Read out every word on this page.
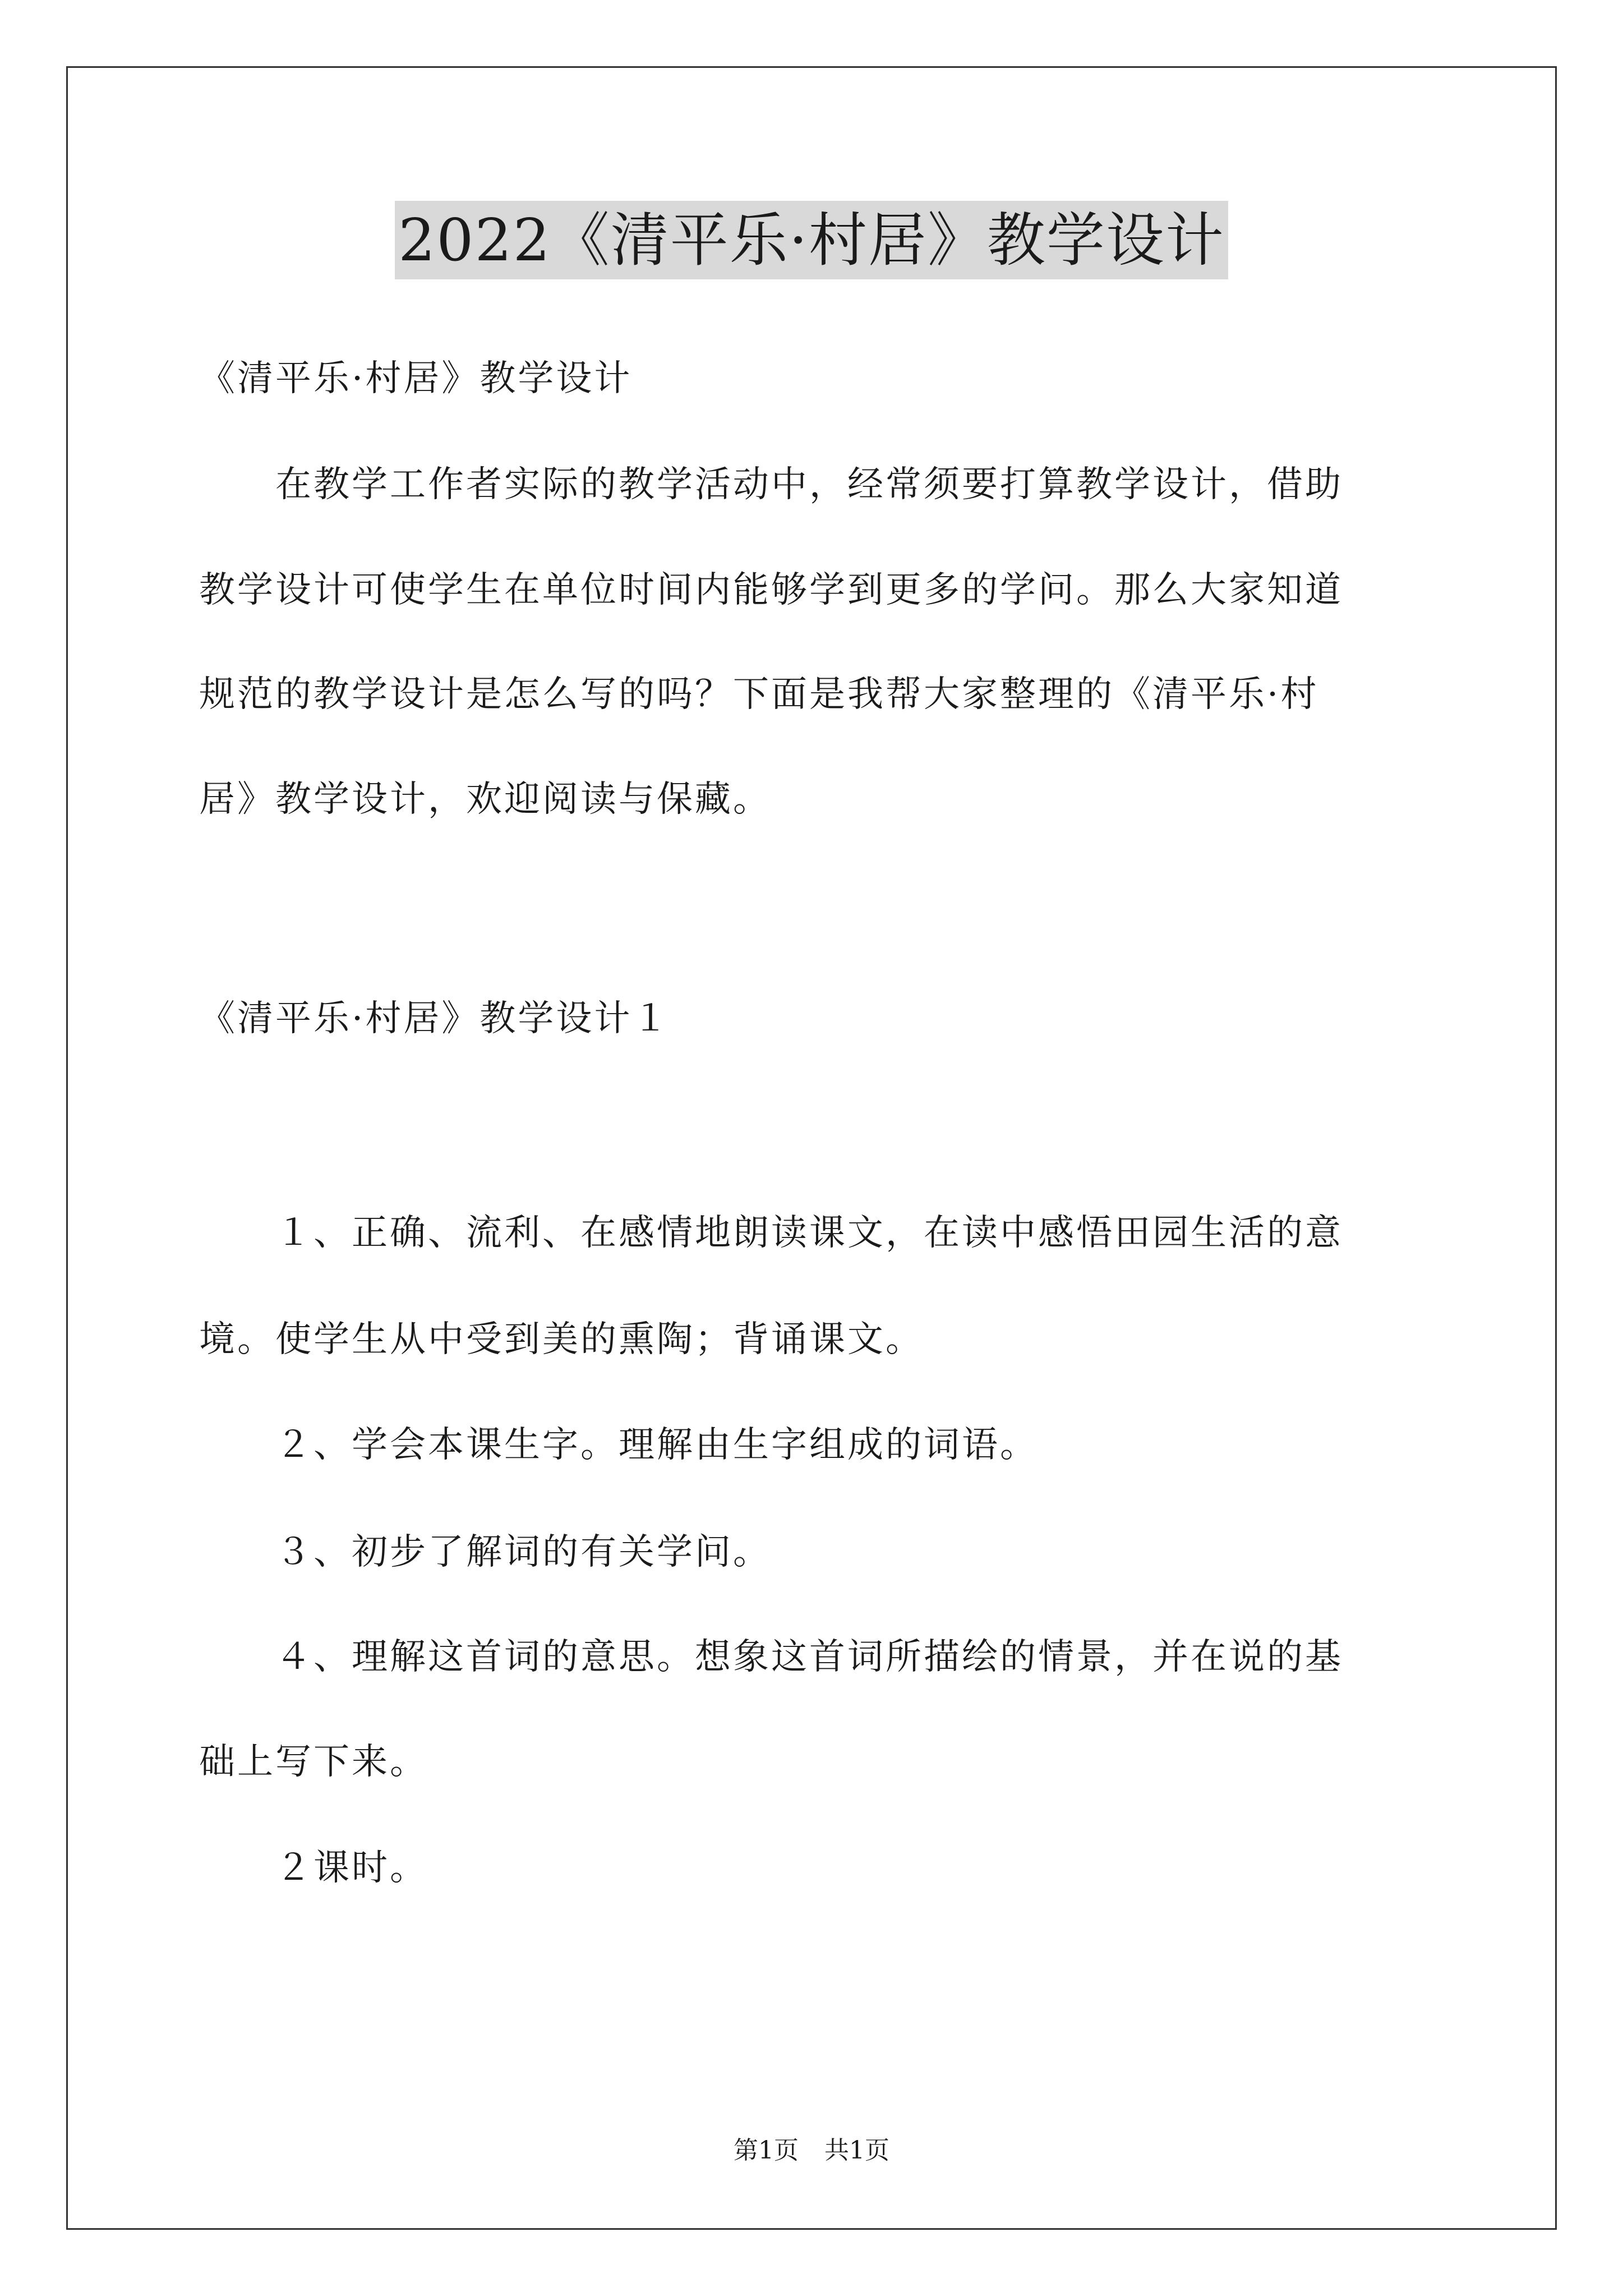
2022《清平乐·村居》教学设计
《清平乐·村居》教学设计
　　在教学工作者实际的教学活动中，经常须要打算教学设计，借助
教学设计可使学生在单位时间内能够学到更多的学问。那么大家知道
规范的教学设计是怎么写的吗？下面是我帮大家整理的《清平乐·村
居》教学设计，欢迎阅读与保藏。
《清平乐·村居》教学设计１
　　１、正确、流利、在感情地朗读课文，在读中感悟田园生活的意
境。使学生从中受到美的熏陶；背诵课文。
　　２、学会本课生字。理解由生字组成的词语。
　　３、初步了解词的有关学问。
　　４、理解这首词的意思。想象这首词所描绘的情景，并在说的基
础上写下来。
　　２课时。
第1页 共1页
